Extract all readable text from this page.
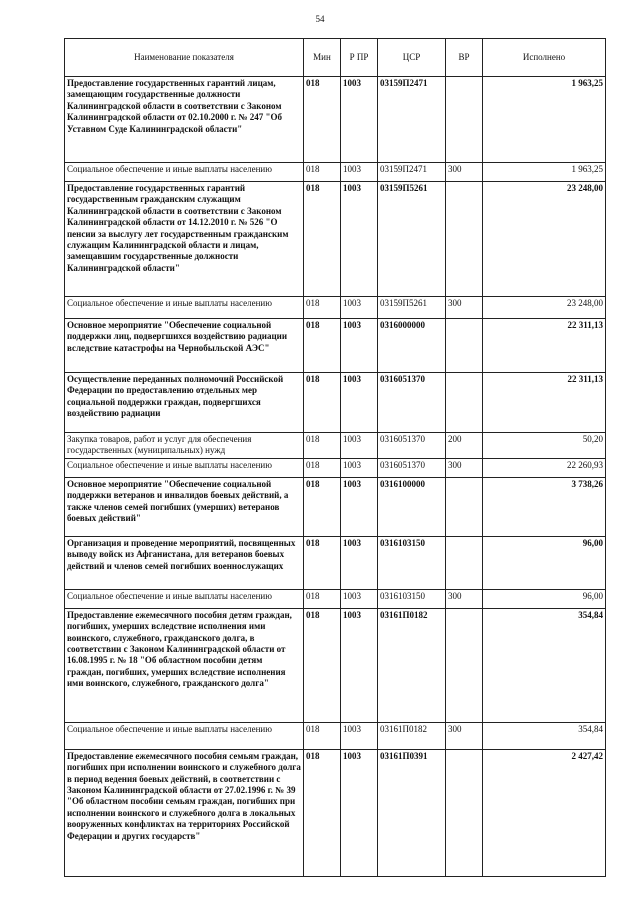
54
Наименование показателя	Мин	Р ПР	ЦСР	ВР	Исполнено
Предоставление государственных гарантий лицам, замещающим государственные должности Калининградской области в соответствии с Законом Калининградской области от 02.10.2000 г. № 247 "Об Уставном Суде Калининградской области"	018	1003	03159П2471		1 963,25
Социальное обеспечение и иные выплаты населению	018	1003	03159П2471	300	1 963,25
Предоставление государственных гарантий государственным гражданским служащим Калининградской области в соответствии с Законом Калининградской области от 14.12.2010 г. № 526 "О пенсии за выслугу лет государственным гражданским служащим Калининградской области и лицам, замещавшим государственные должности Калининградской области"	018	1003	03159П5261		23 248,00
Социальное обеспечение и иные выплаты населению	018	1003	03159П5261	300	23 248,00
Основное мероприятие "Обеспечение социальной поддержки лиц, подвергшихся воздействию радиации вследствие катастрофы на Чернобыльской АЭС"	018	1003	0316000000		22 311,13
Осуществление переданных полномочий Российской Федерации по предоставлению отдельных мер социальной поддержки граждан, подвергшихся воздействию радиации	018	1003	0316051370		22 311,13
Закупка товаров, работ и услуг для обеспечения государственных (муниципальных) нужд	018	1003	0316051370	200	50,20
Социальное обеспечение и иные выплаты населению	018	1003	0316051370	300	22 260,93
Основное мероприятие "Обеспечение социальной поддержки ветеранов и инвалидов боевых действий, а также членов семей погибших (умерших) ветеранов боевых действий"	018	1003	0316100000		3 738,26
Организация и проведение мероприятий, посвященных выводу войск из Афганистана, для ветеранов боевых действий и членов семей погибших военнослужащих	018	1003	0316103150		96,00
Социальное обеспечение и иные выплаты населению	018	1003	0316103150	300	96,00
Предоставление ежемесячного пособия детям граждан, погибших, умерших вследствие исполнения ими воинского, служебного, гражданского долга, в соответствии с Законом Калининградской области от 16.08.1995 г. № 18 "Об областном пособии детям граждан, погибших, умерших вследствие исполнения ими воинского, служебного, гражданского долга"	018	1003	03161П0182		354,84
Социальное обеспечение и иные выплаты населению	018	1003	03161П0182	300	354,84
Предоставление ежемесячного пособия семьям граждан, погибших при исполнении воинского и служебного долга в период ведения боевых действий, в соответствии с Законом Калининградской области от 27.02.1996 г. № 39 "Об областном пособии семьям граждан, погибших при исполнении воинского и служебного долга в локальных вооруженных конфликтах на территориях Российской Федерации и других государств"	018	1003	03161П0391		2 427,42
